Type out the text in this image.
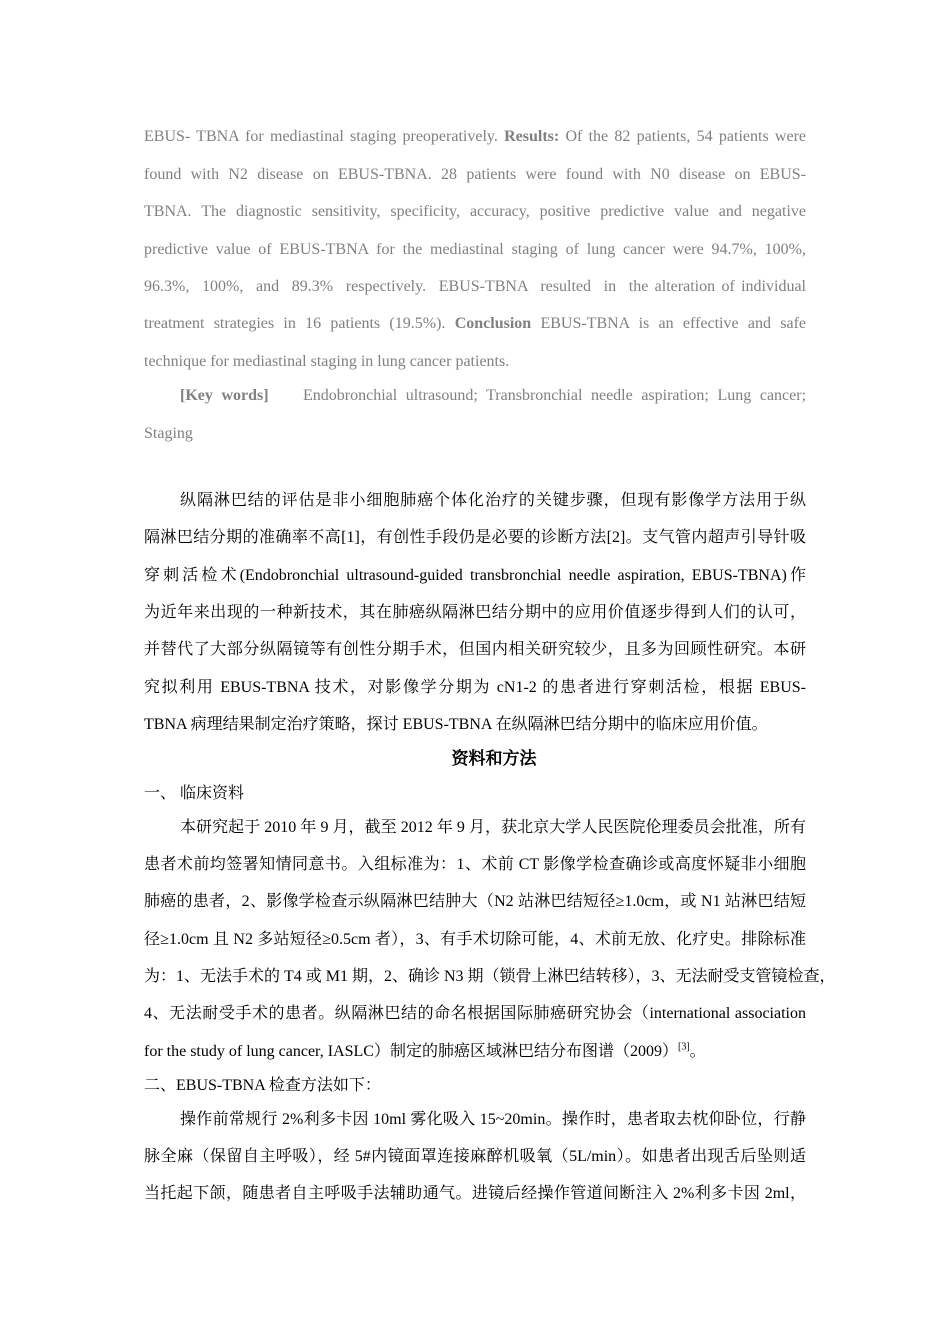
EBUS- TBNA for mediastinal staging preoperatively. Results: Of the 82 patients, 54 patients were
found with N2 disease on EBUS-TBNA. 28 patients were found with N0 disease on EBUS-
TBNA. The diagnostic sensitivity, specificity, accuracy, positive predictive value and negative
predictive value of EBUS-TBNA for the mediastinal staging of lung cancer were 94.7%, 100%,
96.3%,  100%,  and  89.3%  respectively.  EBUS-TBNA  resulted  in  the alteration of individual
treatment strategies in 16 patients (19.5%). Conclusion EBUS-TBNA is an effective and safe
technique for mediastinal staging in lung cancer patients.
[Key words] Endobronchial ultrasound; Transbronchial needle aspiration; Lung cancer;
Staging
纵隔淋巴结的评估是非小细胞肺癌个体化治疗的关键步骤，但现有影像学方法用于纵
隔淋巴结分期的准确率不高[1]，有创性手段仍是必要的诊断方法[2]。支气管内超声引导针吸
穿刺活检术(Endobronchial ultrasound-guided transbronchial needle aspiration, EBUS-TBNA)作
为近年来出现的一种新技术，其在肺癌纵隔淋巴结分期中的应用价值逐步得到人们的认可，
并替代了大部分纵隔镜等有创性分期手术，但国内相关研究较少，且多为回顾性研究。本研
究拟利用 EBUS-TBNA 技术，对影像学分期为 cN1-2 的患者进行穿刺活检，根据 EBUS-
TBNA 病理结果制定治疗策略，探讨 EBUS-TBNA 在纵隔淋巴结分期中的临床应用价值。
资料和方法
一、 临床资料
本研究起于 2010 年 9 月，截至 2012 年 9 月，获北京大学人民医院伦理委员会批准，所有
患者术前均签署知情同意书。入组标准为：1、术前 CT 影像学检查确诊或高度怀疑非小细胞
肺癌的患者，2、影像学检查示纵隔淋巴结肿大（N2 站淋巴结短径≥1.0cm，或 N1 站淋巴结短
径≥1.0cm 且 N2 多站短径≥0.5cm 者），3、有手术切除可能，4、术前无放、化疗史。排除标准
为：1、无法手术的 T4 或 M1 期，2、确诊 N3 期（锁骨上淋巴结转移），3、无法耐受支管镜检查，
4、无法耐受手术的患者。纵隔淋巴结的命名根据国际肺癌研究协会（international association
for the study of lung cancer, IASLC）制定的肺癌区域淋巴结分布图谱（2009）[3]。
二、EBUS-TBNA 检查方法如下：
操作前常规行 2%利多卡因 10ml 雾化吸入 15~20min。操作时，患者取去枕仰卧位，行静
脉全麻（保留自主呼吸），经 5#内镜面罩连接麻醉机吸氧（5L/min）。如患者出现舌后坠则适
当托起下颌，随患者自主呼吸手法辅助通气。进镜后经操作管道间断注入 2%利多卡因 2ml，
